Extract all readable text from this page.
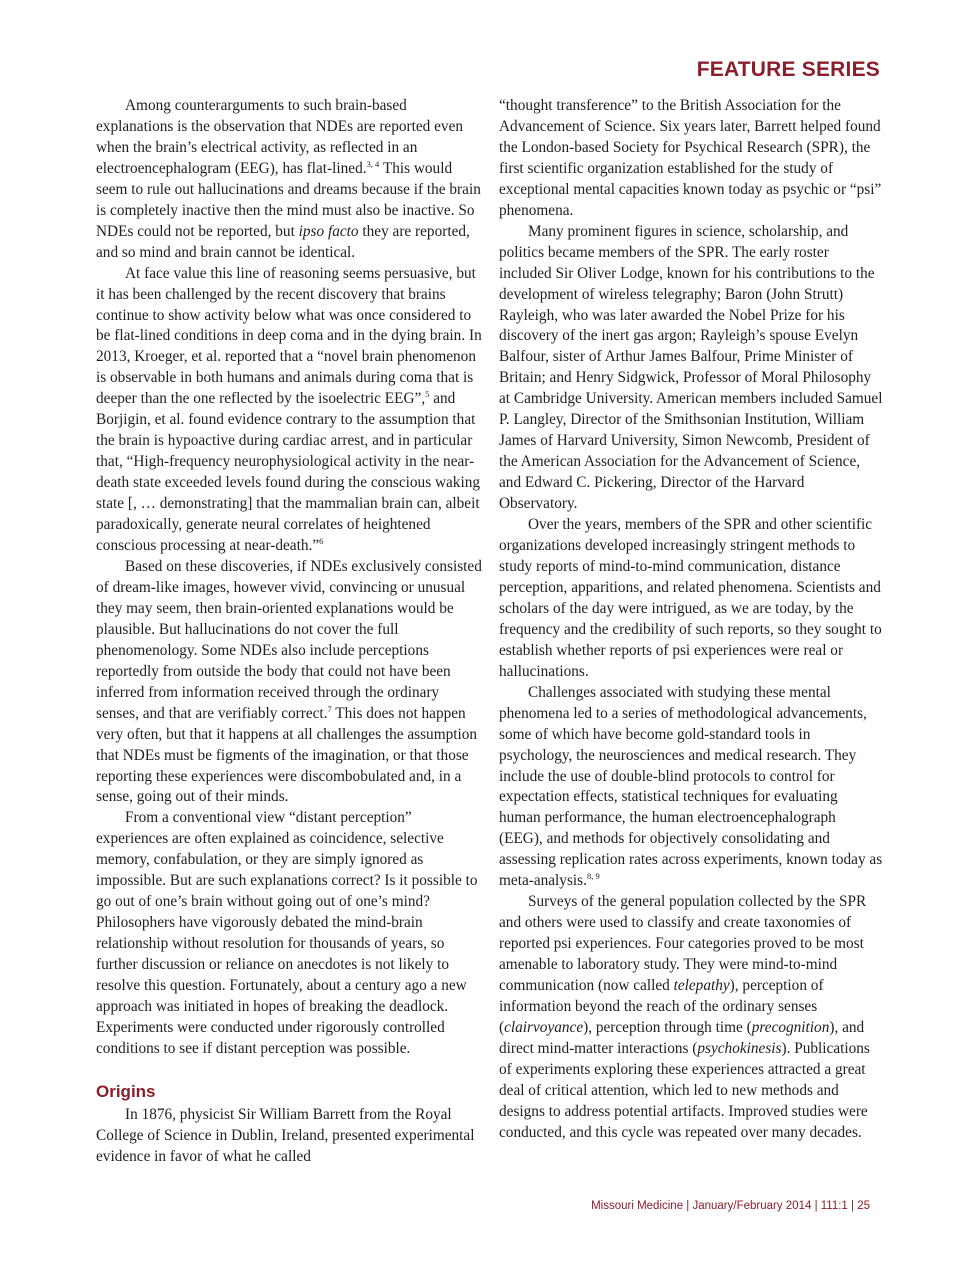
FEATURE SERIES

Among counterarguments to such brain-based explanations is the observation that NDEs are reported even when the brain’s electrical activity, as reflected in an electroencephalogram (EEG), has flat-lined.$^{3, 4}$ This would seem to rule out hallucinations and dreams because if the brain is completely inactive then the mind must also be inactive. So NDEs could not be reported, but ipso facto they are reported, and so mind and brain cannot be identical.

At face value this line of reasoning seems persuasive, but it has been challenged by the recent discovery that brains continue to show activity below what was once considered to be flat-lined conditions in deep coma and in the dying brain. In 2013, Kroeger, et al. reported that a “novel brain phenomenon is observable in both humans and animals during coma that is deeper than the one reflected by the isoelectric EEG”,$^5$ and Borjigin, et al. found evidence contrary to the assumption that the brain is hypoactive during cardiac arrest, and in particular that, “High-frequency neurophysiological activity in the near-death state exceeded levels found during the conscious waking state [, … demonstrating] that the mammalian brain can, albeit paradoxically, generate neural correlates of heightened conscious processing at near-death.”$^6$

Based on these discoveries, if NDEs exclusively consisted of dream-like images, however vivid, convincing or unusual they may seem, then brain-oriented explanations would be plausible. But hallucinations do not cover the full phenomenology. Some NDEs also include perceptions reportedly from outside the body that could not have been inferred from information received through the ordinary senses, and that are verifiably correct.$^7$ This does not happen very often, but that it happens at all challenges the assumption that NDEs must be figments of the imagination, or that those reporting these experiences were discombobulated and, in a sense, going out of their minds.

From a conventional view “distant perception” experiences are often explained as coincidence, selective memory, confabulation, or they are simply ignored as impossible. But are such explanations correct? Is it possible to go out of one’s brain without going out of one’s mind? Philosophers have vigorously debated the mind-brain relationship without resolution for thousands of years, so further discussion or reliance on anecdotes is not likely to resolve this question. Fortunately, about a century ago a new approach was initiated in hopes of breaking the deadlock. Experiments were conducted under rigorously controlled conditions to see if distant perception was possible.

Origins

In 1876, physicist Sir William Barrett from the Royal College of Science in Dublin, Ireland, presented experimental evidence in favor of what he called

“thought transference” to the British Association for the Advancement of Science. Six years later, Barrett helped found the London-based Society for Psychical Research (SPR), the first scientific organization established for the study of exceptional mental capacities known today as psychic or “psi” phenomena.

Many prominent figures in science, scholarship, and politics became members of the SPR. The early roster included Sir Oliver Lodge, known for his contributions to the development of wireless telegraphy; Baron (John Strutt) Rayleigh, who was later awarded the Nobel Prize for his discovery of the inert gas argon; Rayleigh’s spouse Evelyn Balfour, sister of Arthur James Balfour, Prime Minister of Britain; and Henry Sidgwick, Professor of Moral Philosophy at Cambridge University. American members included Samuel P. Langley, Director of the Smithsonian Institution, William James of Harvard University, Simon Newcomb, President of the American Association for the Advancement of Science, and Edward C. Pickering, Director of the Harvard Observatory.

Over the years, members of the SPR and other scientific organizations developed increasingly stringent methods to study reports of mind-to-mind communication, distance perception, apparitions, and related phenomena. Scientists and scholars of the day were intrigued, as we are today, by the frequency and the credibility of such reports, so they sought to establish whether reports of psi experiences were real or hallucinations.

Challenges associated with studying these mental phenomena led to a series of methodological advancements, some of which have become gold-standard tools in psychology, the neurosciences and medical research. They include the use of double-blind protocols to control for expectation effects, statistical techniques for evaluating human performance, the human electroencephalograph (EEG), and methods for objectively consolidating and assessing replication rates across experiments, known today as meta-analysis.$^{8, 9}$

Surveys of the general population collected by the SPR and others were used to classify and create taxonomies of reported psi experiences. Four categories proved to be most amenable to laboratory study. They were mind-to-mind communication (now called telepathy), perception of information beyond the reach of the ordinary senses (clairvoyance), perception through time (precognition), and direct mind-matter interactions (psychokinesis). Publications of experiments exploring these experiences attracted a great deal of critical attention, which led to new methods and designs to address potential artifacts. Improved studies were conducted, and this cycle was repeated over many decades.

Missouri Medicine | January/February 2014 | 111:1 | 25
